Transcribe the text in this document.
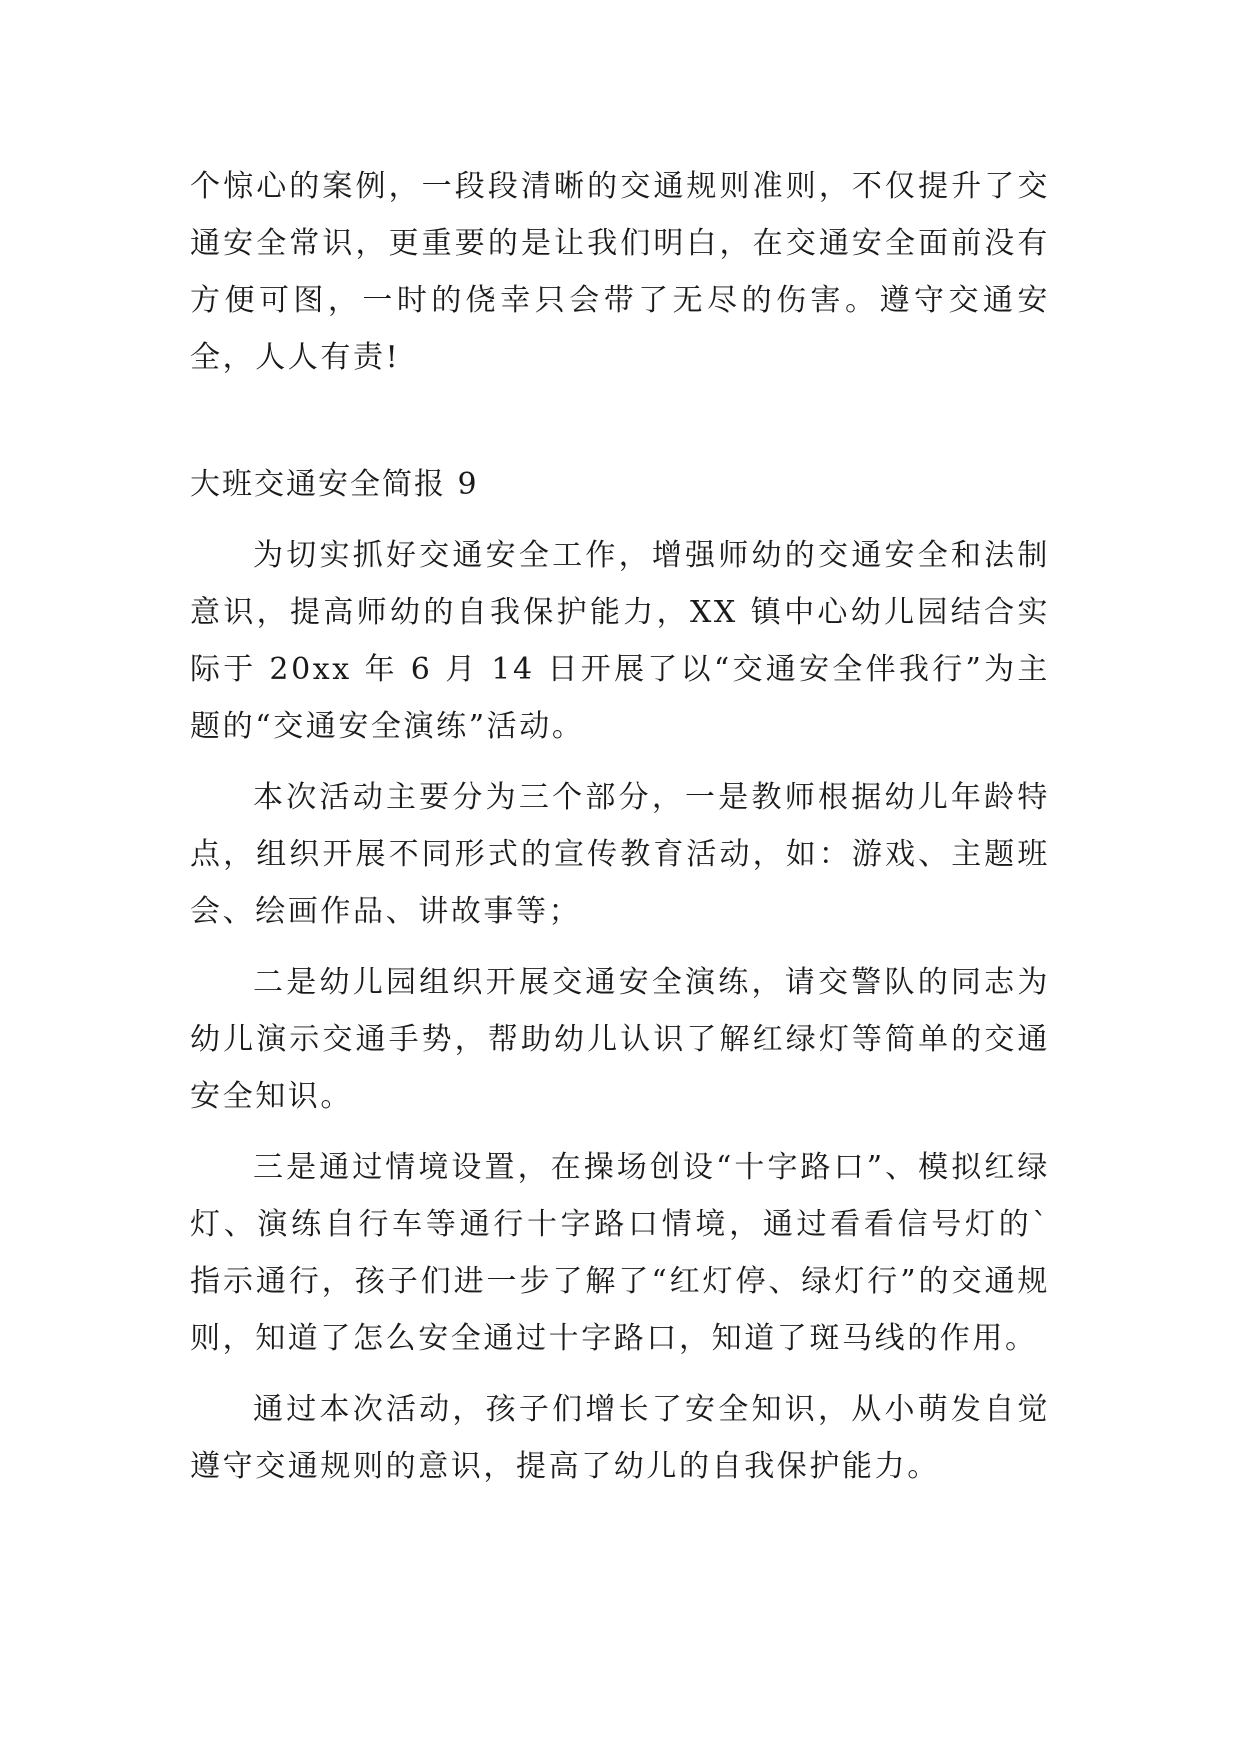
个惊心的案例，一段段清晰的交通规则准则，不仅提升了交通安全常识，更重要的是让我们明白，在交通安全面前没有方便可图，一时的侥幸只会带了无尽的伤害。遵守交通安全，人人有责!

大班交通安全简报 9

为切实抓好交通安全工作，增强师幼的交通安全和法制意识，提高师幼的自我保护能力，XX 镇中心幼儿园结合实际于 20xx 年 6 月 14 日开展了以“交通安全伴我行”为主题的“交通安全演练”活动。

本次活动主要分为三个部分，一是教师根据幼儿年龄特点，组织开展不同形式的宣传教育活动，如：游戏、主题班会、绘画作品、讲故事等；

二是幼儿园组织开展交通安全演练，请交警队的同志为幼儿演示交通手势，帮助幼儿认识了解红绿灯等简单的交通安全知识。

三是通过情境设置，在操场创设“十字路口”、模拟红绿灯、演练自行车等通行十字路口情境，通过看看信号灯的`指示通行，孩子们进一步了解了“红灯停、绿灯行”的交通规则，知道了怎么安全通过十字路口，知道了斑马线的作用。

通过本次活动，孩子们增长了安全知识，从小萌发自觉遵守交通规则的意识，提高了幼儿的自我保护能力。
